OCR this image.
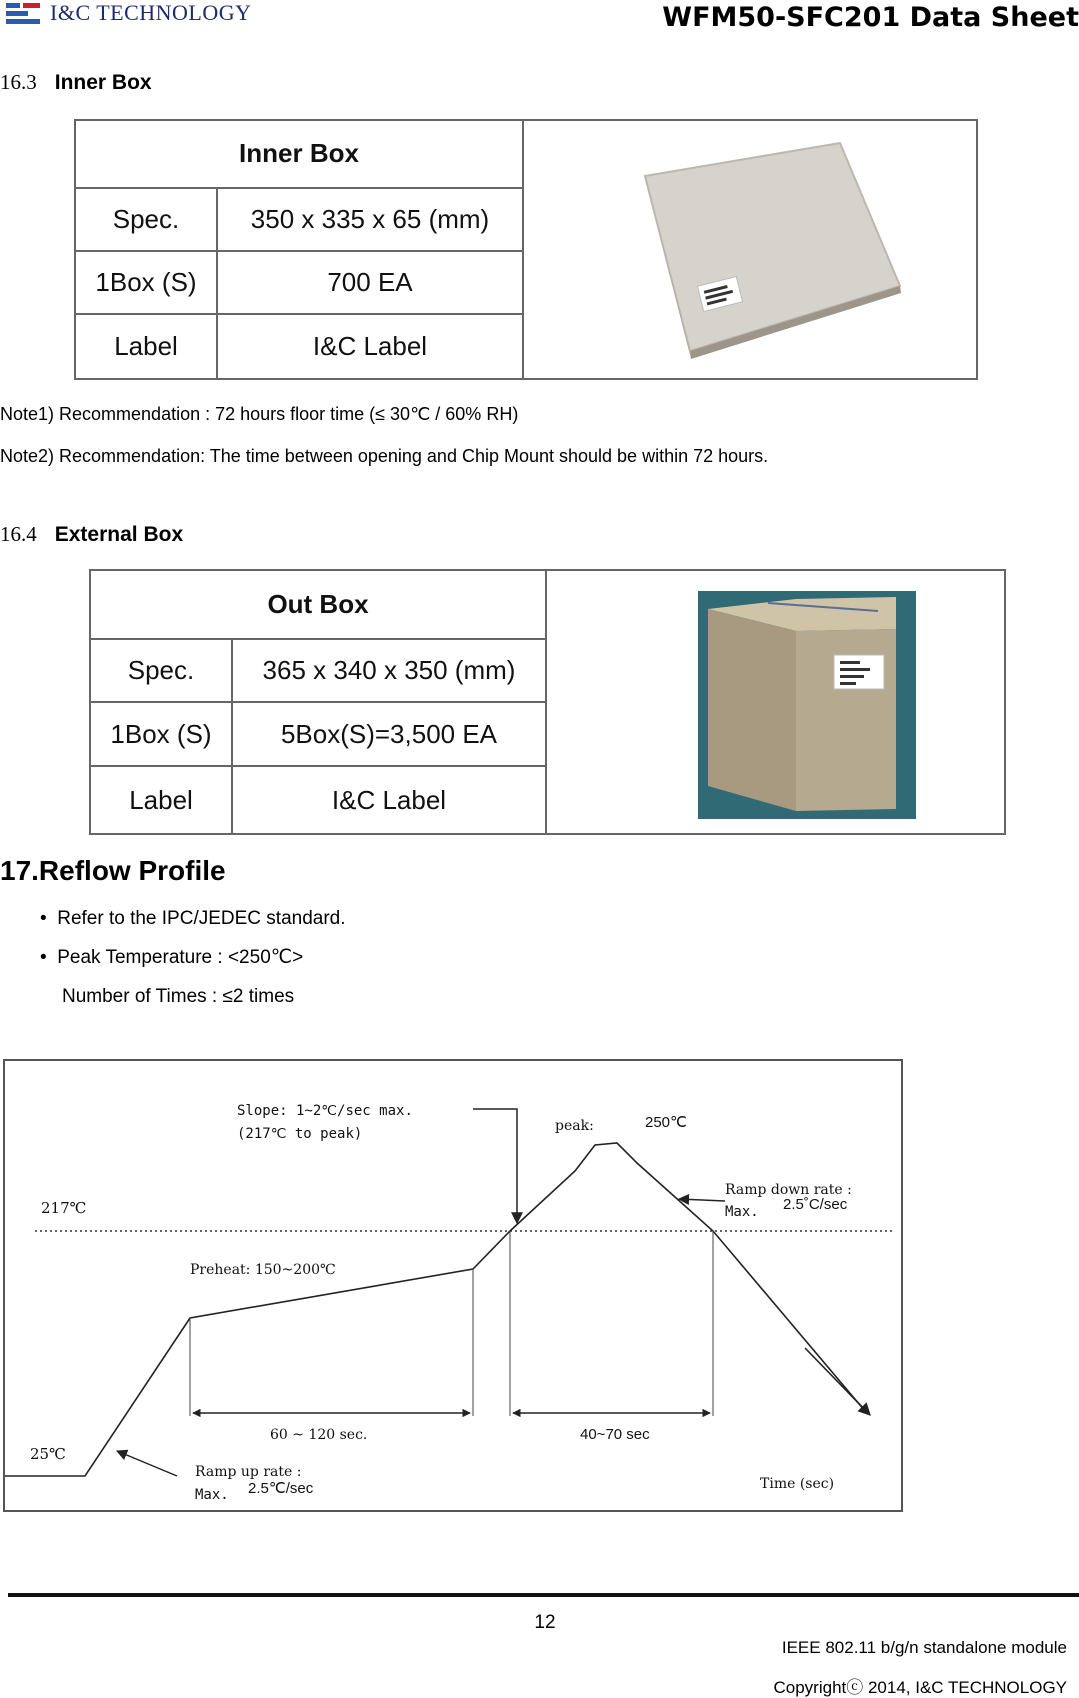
I&C TECHNOLOGY	WFM50-SFC201 Data Sheet
16.3 Inner Box
Inner Box	
Spec.	350 x 335 x 65 (mm)	
1Box (S)	700 EA	
Label	I&C Label	
Note1) Recommendation : 72 hours floor time (≤ 30℃ / 60% RH)
Note2) Recommendation: The time between opening and Chip Mount should be within 72 hours.
16.4 External Box
Out Box	
Spec.	365 x 340 x 350 (mm)	
1Box (S)	5Box(S)=3,500 EA	
Label	I&C Label	
17.Reflow Profile
•  Refer to the IPC/JEDEC standard.
•  Peak Temperature : <250℃>
Number of Times : ≤2 times
217℃
25℃
Slope: 1~2℃/sec max.
(217℃ to peak)	peak:	250℃
Ramp down rate :
Max. 2.5˚C/sec
Preheat: 150~200℃
60 ~ 120 sec.	40~70 sec
Ramp up rate :
Max. 2.5℃/sec	Time (sec)
12
IEEE 802.11 b/g/n standalone module
Copyrightⓒ 2014, I&C TECHNOLOGY
